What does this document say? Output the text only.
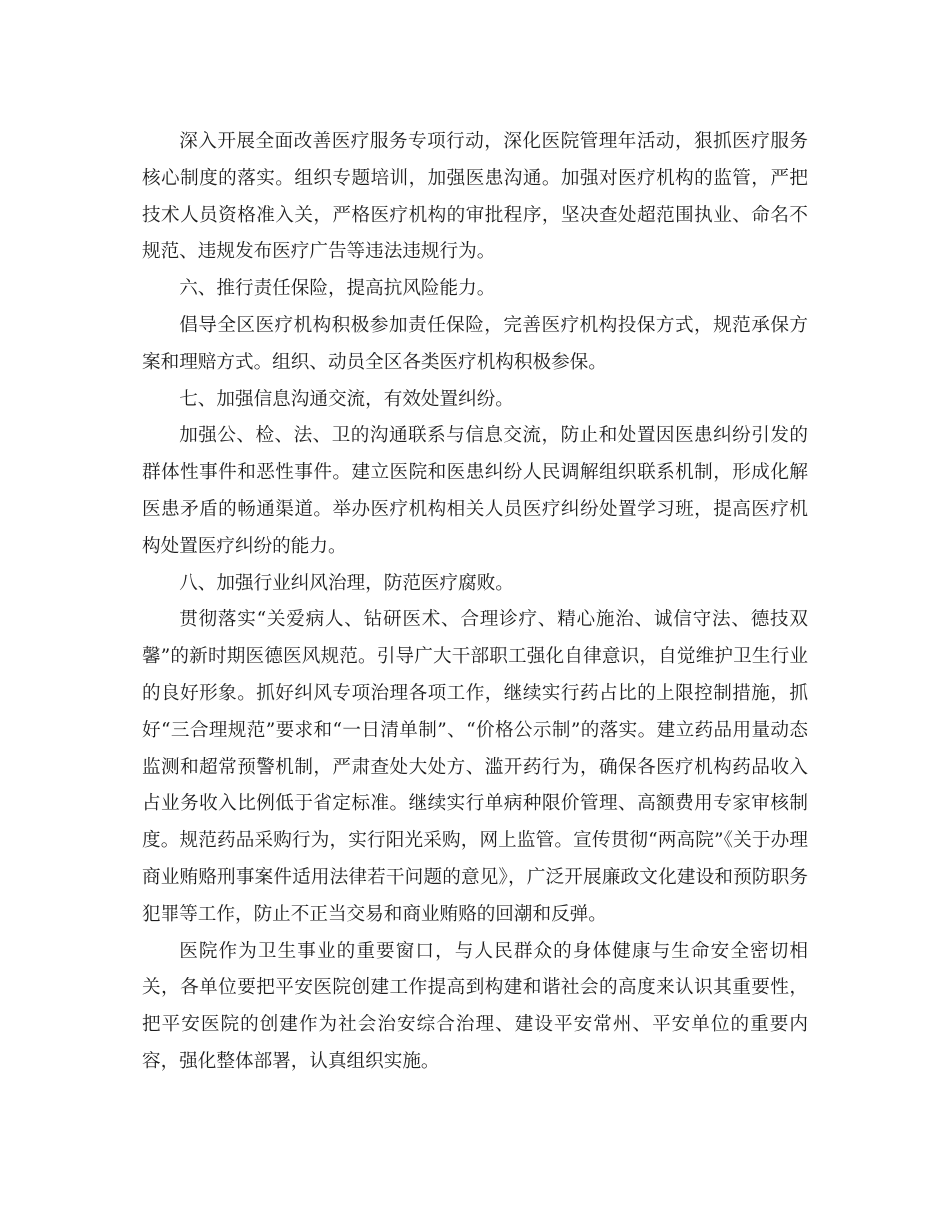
深入开展全面改善医疗服务专项行动，深化医院管理年活动，狠抓医疗服务核心制度的落实。组织专题培训，加强医患沟通。加强对医疗机构的监管，严把技术人员资格准入关，严格医疗机构的审批程序，坚决查处超范围执业、命名不规范、违规发布医疗广告等违法违规行为。

六、推行责任保险，提高抗风险能力。

倡导全区医疗机构积极参加责任保险，完善医疗机构投保方式，规范承保方案和理赔方式。组织、动员全区各类医疗机构积极参保。

七、加强信息沟通交流，有效处置纠纷。

加强公、检、法、卫的沟通联系与信息交流，防止和处置因医患纠纷引发的群体性事件和恶性事件。建立医院和医患纠纷人民调解组织联系机制，形成化解医患矛盾的畅通渠道。举办医疗机构相关人员医疗纠纷处置学习班，提高医疗机构处置医疗纠纷的能力。

八、加强行业纠风治理，防范医疗腐败。

贯彻落实“关爱病人、钻研医术、合理诊疗、精心施治、诚信守法、德技双馨”的新时期医德医风规范。引导广大干部职工强化自律意识，自觉维护卫生行业的良好形象。抓好纠风专项治理各项工作，继续实行药占比的上限控制措施，抓好“三合理规范”要求和“一日清单制”、“价格公示制”的落实。建立药品用量动态监测和超常预警机制，严肃查处大处方、滥开药行为，确保各医疗机构药品收入占业务收入比例低于省定标准。继续实行单病种限价管理、高额费用专家审核制度。规范药品采购行为，实行阳光采购，网上监管。宣传贯彻“两高院”《关于办理商业贿赂刑事案件适用法律若干问题的意见》，广泛开展廉政文化建设和预防职务犯罪等工作，防止不正当交易和商业贿赂的回潮和反弹。

医院作为卫生事业的重要窗口，与人民群众的身体健康与生命安全密切相关，各单位要把平安医院创建工作提高到构建和谐社会的高度来认识其重要性，把平安医院的创建作为社会治安综合治理、建设平安常州、平安单位的重要内容，强化整体部署，认真组织实施。
